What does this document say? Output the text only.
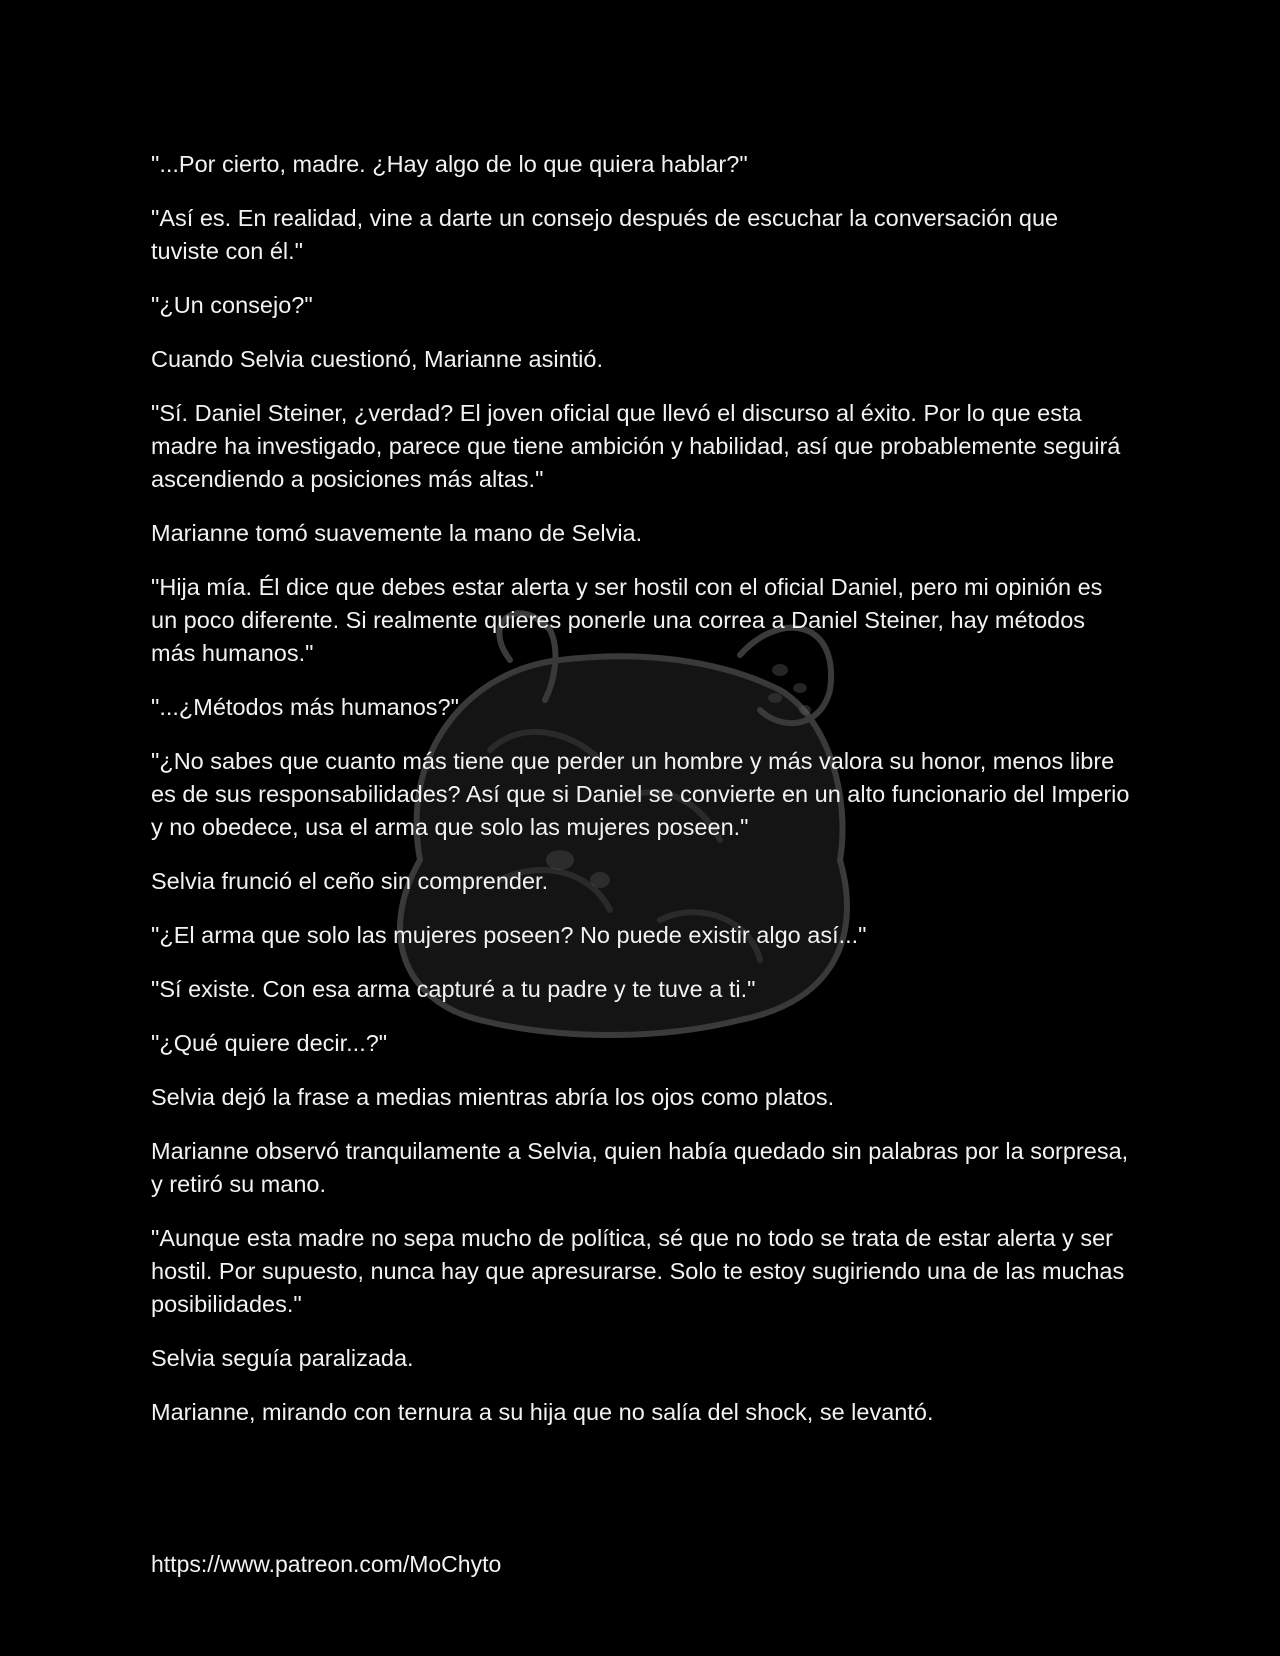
"...Por cierto, madre. ¿Hay algo de lo que quiera hablar?"

"Así es. En realidad, vine a darte un consejo después de escuchar la conversación que tuviste con él."

"¿Un consejo?"

Cuando Selvia cuestionó, Marianne asintió.

"Sí. Daniel Steiner, ¿verdad? El joven oficial que llevó el discurso al éxito. Por lo que esta madre ha investigado, parece que tiene ambición y habilidad, así que probablemente seguirá ascendiendo a posiciones más altas."

Marianne tomó suavemente la mano de Selvia.

"Hija mía. Él dice que debes estar alerta y ser hostil con el oficial Daniel, pero mi opinión es un poco diferente. Si realmente quieres ponerle una correa a Daniel Steiner, hay métodos más humanos."

"...¿Métodos más humanos?"

"¿No sabes que cuanto más tiene que perder un hombre y más valora su honor, menos libre es de sus responsabilidades? Así que si Daniel se convierte en un alto funcionario del Imperio y no obedece, usa el arma que solo las mujeres poseen."

Selvia frunció el ceño sin comprender.

"¿El arma que solo las mujeres poseen? No puede existir algo así..."

"Sí existe. Con esa arma capturé a tu padre y te tuve a ti."

"¿Qué quiere decir...?"

Selvia dejó la frase a medias mientras abría los ojos como platos.

Marianne observó tranquilamente a Selvia, quien había quedado sin palabras por la sorpresa, y retiró su mano.

"Aunque esta madre no sepa mucho de política, sé que no todo se trata de estar alerta y ser hostil. Por supuesto, nunca hay que apresurarse. Solo te estoy sugiriendo una de las muchas posibilidades."

Selvia seguía paralizada.

Marianne, mirando con ternura a su hija que no salía del shock, se levantó.

https://www.patreon.com/MoChyto
